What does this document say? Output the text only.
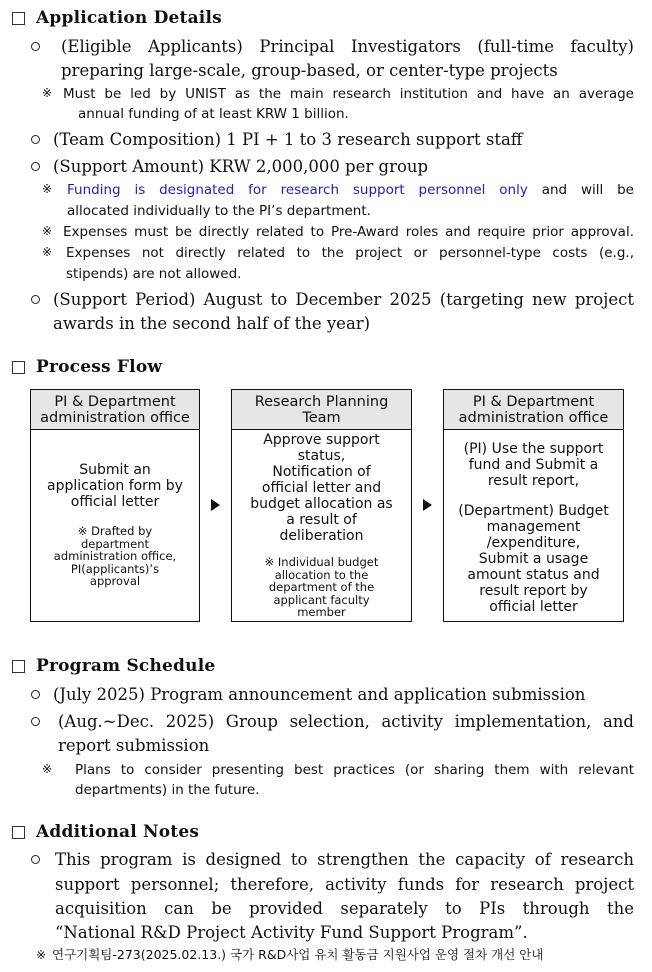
Application Details
(Eligible Applicants) Principal Investigators (full-time faculty)
preparing large-scale, group-based, or center-type projects
※ Must be led by UNIST as the main research institution and have an average
annual funding of at least KRW 1 billion.
(Team Composition) 1 PI + 1 to 3 research support staff
(Support Amount) KRW 2,000,000 per group
※ Funding is designated for research support personnel only and will be
allocated individually to the PI’s department.
※ Expenses must be directly related to Pre-Award roles and require prior approval.
※ Expenses not directly related to the project or personnel-type costs (e.g.,
stipends) are not allowed.
(Support Period) August to December 2025 (targeting new project
awards in the second half of the year)
Process Flow
PI & Department
administration office
Submit an
application form by
official letter
※ Drafted by
department
administration office,
PI(applicants)’s
approval
Research Planning
Team
Approve support
status,
Notification of
official letter and
budget allocation as
a result of
deliberation
※ Individual budget
allocation to the
department of the
applicant faculty
member
PI & Department
administration office
(PI) Use the support
fund and Submit a
result report,
(Department) Budget
management
/expenditure,
Submit a usage
amount status and
result report by
official letter
Program Schedule
(July 2025) Program announcement and application submission
(Aug.~Dec. 2025) Group selection, activity implementation, and
report submission
※ Plans to consider presenting best practices (or sharing them with relevant
departments) in the future.
Additional Notes
This program is designed to strengthen the capacity of research
support personnel; therefore, activity funds for research project
acquisition can be provided separately to PIs through the
“National R&D Project Activity Fund Support Program”.
※ 연구기획팀-273(2025.02.13.) 국가 R&D사업 유치 활동금 지원사업 운영 절차 개선 안내
